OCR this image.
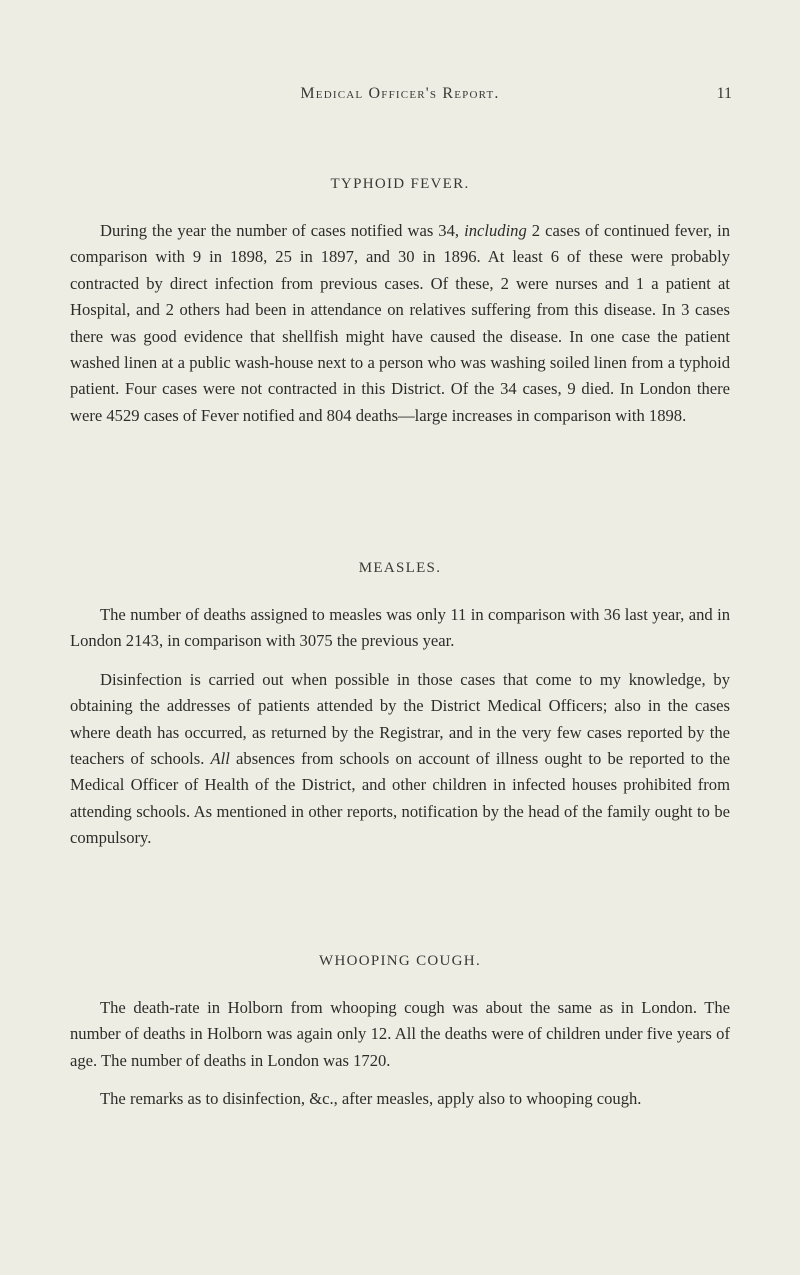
Medical Officer's Report.	11
TYPHOID FEVER.

During the year the number of cases notified was 34, including 2 cases of continued fever, in comparison with 9 in 1898, 25 in 1897, and 30 in 1896. At least 6 of these were probably contracted by direct infection from previous cases. Of these, 2 were nurses and 1 a patient at Hospital, and 2 others had been in attendance on relatives suffering from this disease. In 3 cases there was good evidence that shellfish might have caused the disease. In one case the patient washed linen at a public wash-house next to a person who was washing soiled linen from a typhoid patient. Four cases were not contracted in this District. Of the 34 cases, 9 died. In London there were 4529 cases of Fever notified and 804 deaths—large increases in comparison with 1898.

MEASLES.

The number of deaths assigned to measles was only 11 in comparison with 36 last year, and in London 2143, in comparison with 3075 the previous year.

Disinfection is carried out when possible in those cases that come to my knowledge, by obtaining the addresses of patients attended by the District Medical Officers; also in the cases where death has occurred, as returned by the Registrar, and in the very few cases reported by the teachers of schools. All absences from schools on account of illness ought to be reported to the Medical Officer of Health of the District, and other children in infected houses prohibited from attending schools. As mentioned in other reports, notification by the head of the family ought to be compulsory.

WHOOPING COUGH.

The death-rate in Holborn from whooping cough was about the same as in London. The number of deaths in Holborn was again only 12. All the deaths were of children under five years of age. The number of deaths in London was 1720.

The remarks as to disinfection, &c., after measles, apply also to whooping cough.
